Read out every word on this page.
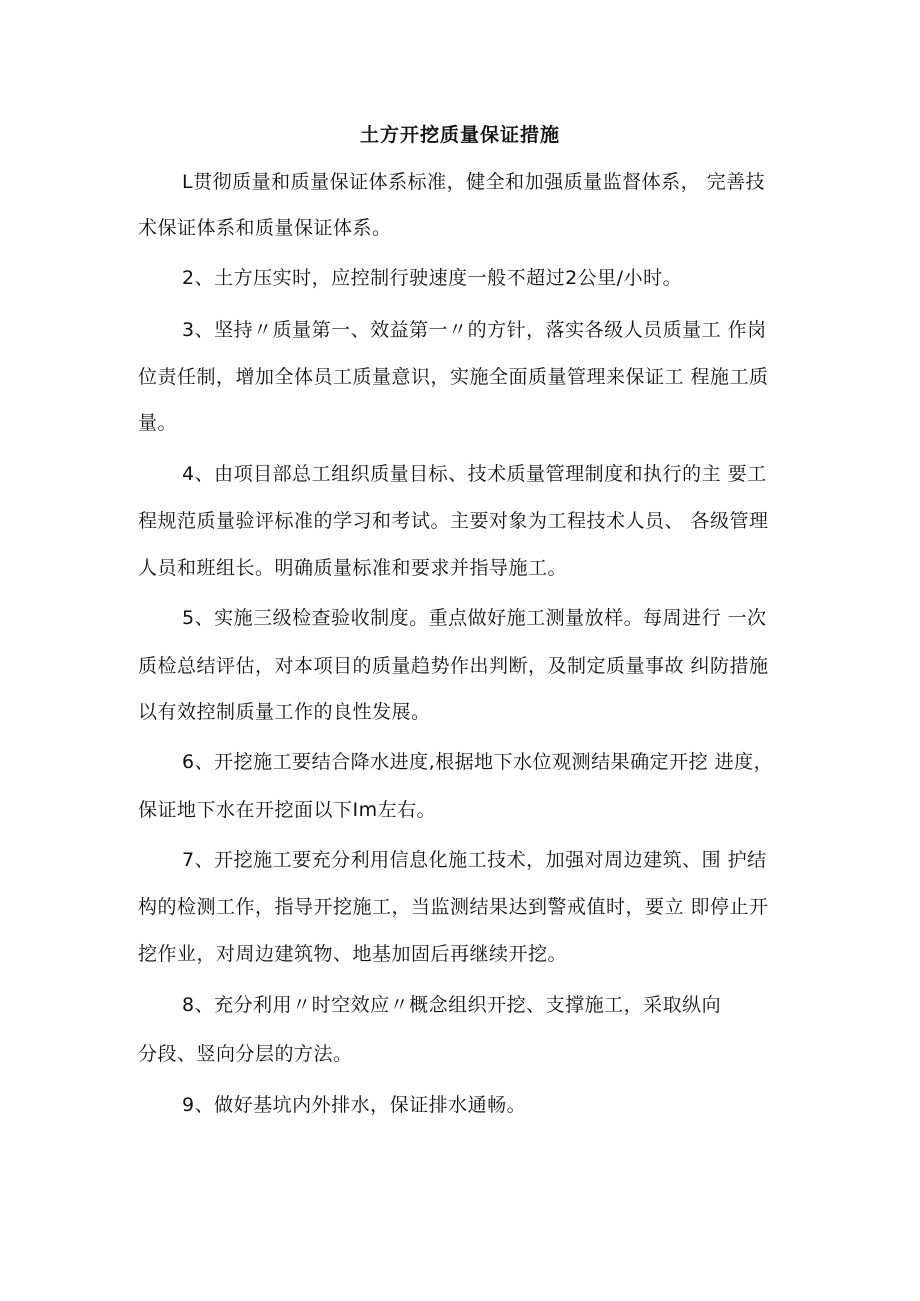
土方开挖质量保证措施
L贯彻质量和质量保证体系标准，健全和加强质量监督体系， 完善技
术保证体系和质量保证体系。
2、土方压实时，应控制行驶速度一般不超过2公里/小时。
3、坚持〃质量第一、效益第一〃的方针，落实各级人员质量工 作岗
位责任制，增加全体员工质量意识，实施全面质量管理来保证工 程施工质
量。
4、由项目部总工组织质量目标、技术质量管理制度和执行的主 要工
程规范质量验评标准的学习和考试。主要对象为工程技术人员、 各级管理
人员和班组长。明确质量标准和要求并指导施工。
5、实施三级检查验收制度。重点做好施工测量放样。每周进行 一次
质检总结评估，对本项目的质量趋势作出判断，及制定质量事故 纠防措施
以有效控制质量工作的良性发展。
6、开挖施工要结合降水进度,根据地下水位观测结果确定开挖 进度，
保证地下水在开挖面以下Im左右。
7、开挖施工要充分利用信息化施工技术，加强对周边建筑、围 护结
构的检测工作，指导开挖施工，当监测结果达到警戒值时，要立 即停止开
挖作业，对周边建筑物、地基加固后再继续开挖。
8、充分利用〃时空效应〃概念组织开挖、支撑施工，采取纵向
分段、竖向分层的方法。
9、做好基坑内外排水，保证排水通畅。
